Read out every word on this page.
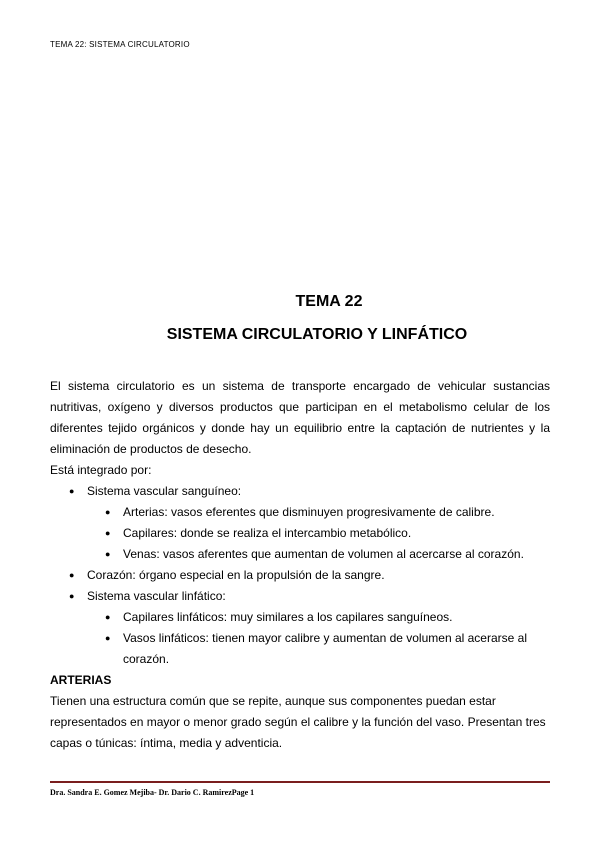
TEMA 22: SISTEMA CIRCULATORIO
TEMA 22
SISTEMA CIRCULATORIO Y LINFÁTICO

El sistema circulatorio es un sistema de transporte encargado de vehicular sustancias nutritivas, oxígeno y diversos productos que participan en el metabolismo celular de los diferentes tejido orgánicos y donde hay un equilibrio entre la captación de nutrientes y la eliminación de productos de desecho.

Está integrado por:

● Sistema vascular sanguíneo:
● Arterias: vasos eferentes que disminuyen progresivamente de calibre.
● Capilares: donde se realiza el intercambio metabólico.
● Venas: vasos aferentes que aumentan de volumen al acercarse al corazón.
● Corazón: órgano especial en la propulsión de la sangre.
● Sistema vascular linfático:
● Capilares linfáticos: muy similares a los capilares sanguíneos.
● Vasos linfáticos: tienen mayor calibre y aumentan de volumen al acerarse al corazón.

ARTERIAS

Tienen una estructura común que se repite, aunque sus componentes puedan estar representados en mayor o menor grado según el calibre y la función del vaso. Presentan tres capas o túnicas: íntima, media y adventicia.

Dra. Sandra E. Gomez Mejiba- Dr. Dario C. RamirezPage 1
